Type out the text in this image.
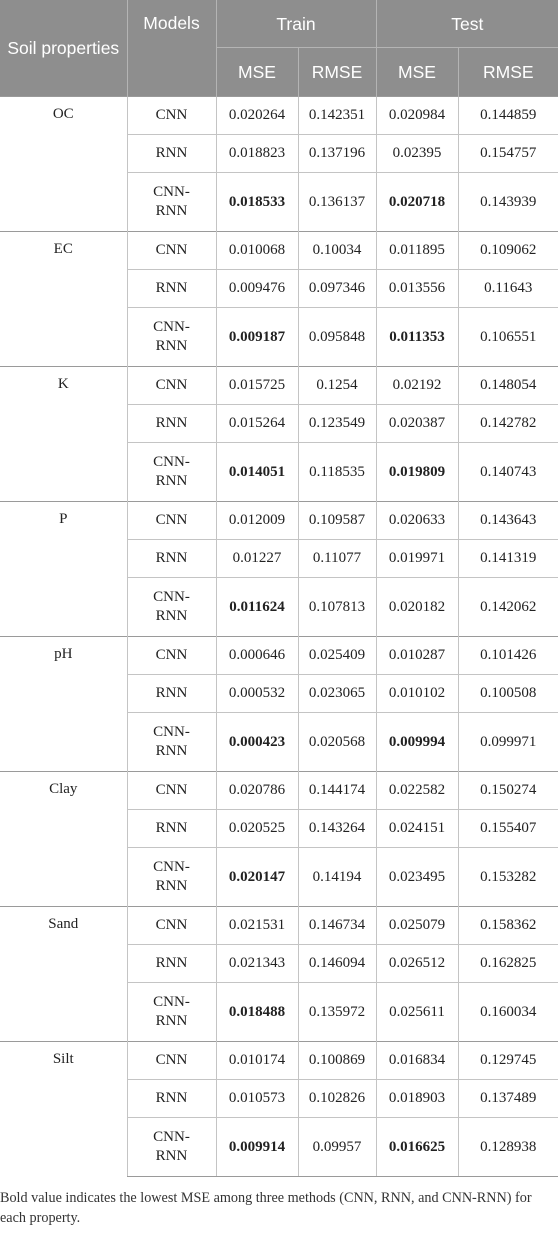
Soil properties	Models	Train		Test	
		MSE	RMSE	MSE	RMSE
OC	CNN	0.020264	0.142351	0.020984	0.144859
	RNN	0.018823	0.137196	0.02395	0.154757
	CNN-RNN	0.018533	0.136137	0.020718	0.143939
EC	CNN	0.010068	0.10034	0.011895	0.109062
	RNN	0.009476	0.097346	0.013556	0.11643
	CNN-RNN	0.009187	0.095848	0.011353	0.106551
K	CNN	0.015725	0.1254	0.02192	0.148054
	RNN	0.015264	0.123549	0.020387	0.142782
	CNN-RNN	0.014051	0.118535	0.019809	0.140743
P	CNN	0.012009	0.109587	0.020633	0.143643
	RNN	0.01227	0.11077	0.019971	0.141319
	CNN-RNN	0.011624	0.107813	0.020182	0.142062
pH	CNN	0.000646	0.025409	0.010287	0.101426
	RNN	0.000532	0.023065	0.010102	0.100508
	CNN-RNN	0.000423	0.020568	0.009994	0.099971
Clay	CNN	0.020786	0.144174	0.022582	0.150274
	RNN	0.020525	0.143264	0.024151	0.155407
	CNN-RNN	0.020147	0.14194	0.023495	0.153282
Sand	CNN	0.021531	0.146734	0.025079	0.158362
	RNN	0.021343	0.146094	0.026512	0.162825
	CNN-RNN	0.018488	0.135972	0.025611	0.160034
Silt	CNN	0.010174	0.100869	0.016834	0.129745
	RNN	0.010573	0.102826	0.018903	0.137489
	CNN-RNN	0.009914	0.09957	0.016625	0.128938

Bold value indicates the lowest MSE among three methods (CNN, RNN, and CNN-RNN) for each property.
